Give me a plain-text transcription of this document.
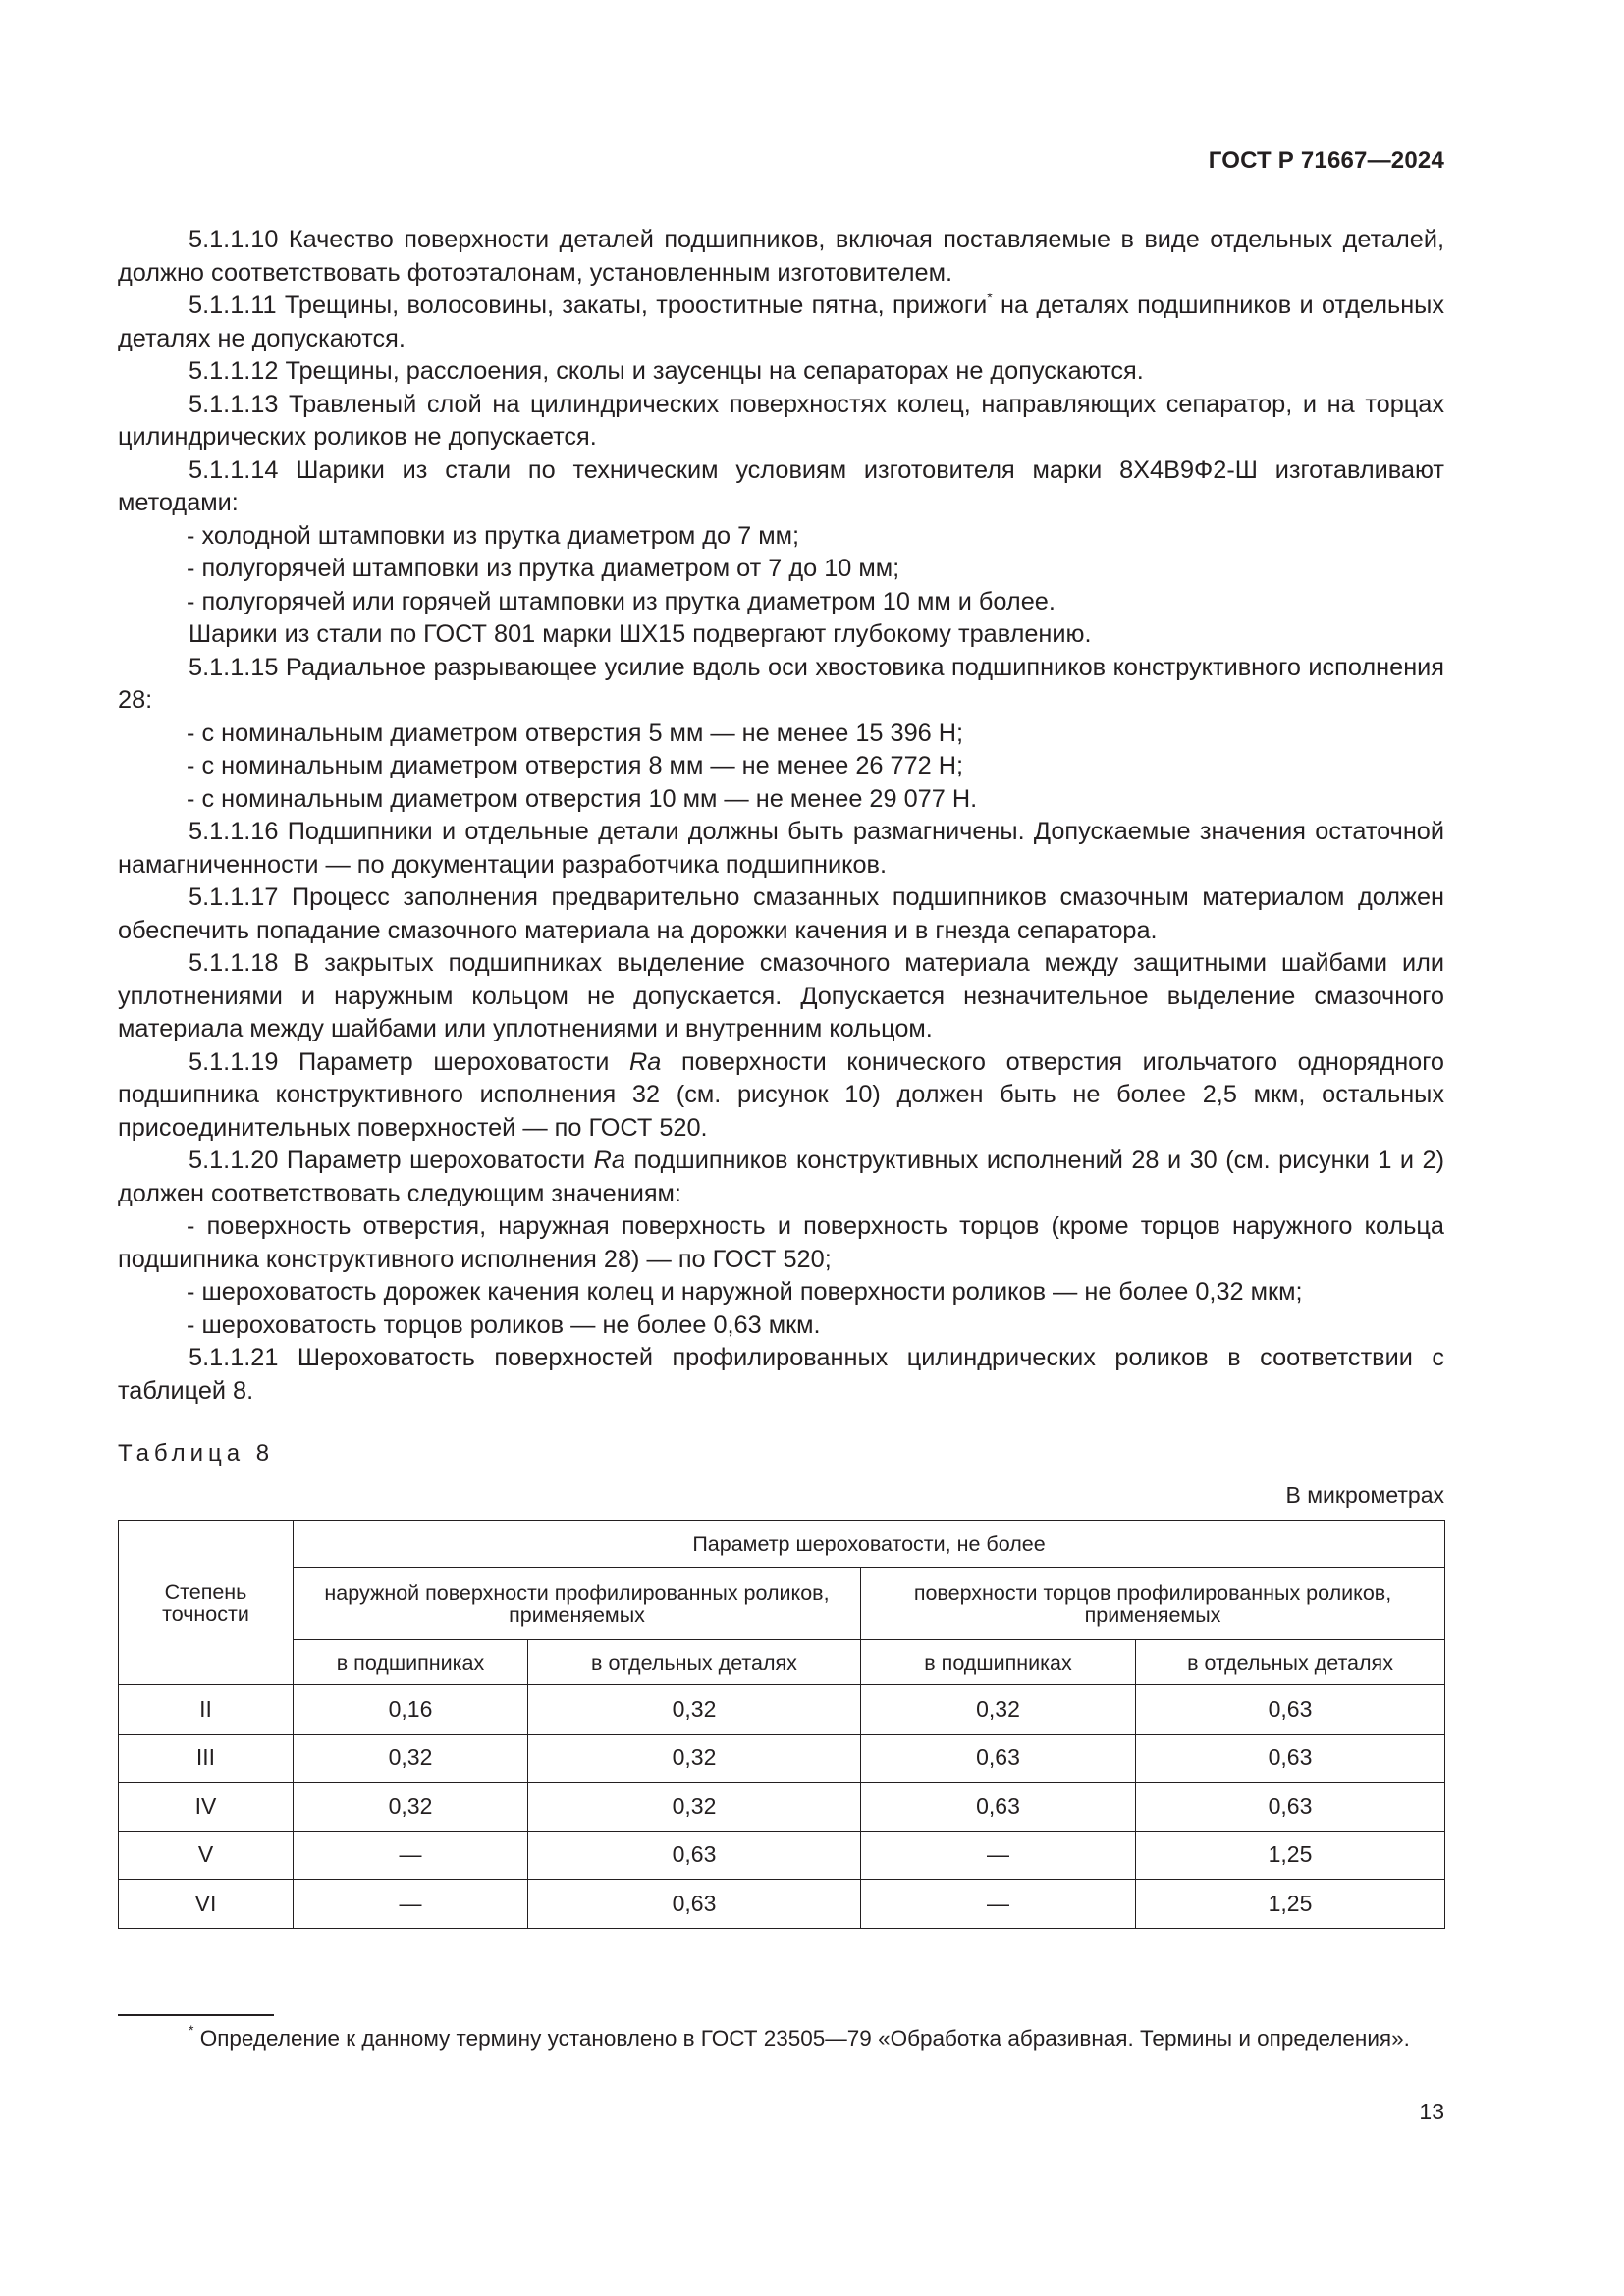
ГОСТ Р 71667—2024

5.1.1.10 Качество поверхности деталей подшипников, включая поставляемые в виде отдельных деталей, должно соответствовать фотоэталонам, установленным изготовителем.

5.1.1.11 Трещины, волосовины, закаты, трооститные пятна, прижоги* на деталях подшипников и отдельных деталях не допускаются.

5.1.1.12 Трещины, расслоения, сколы и заусенцы на сепараторах не допускаются.

5.1.1.13 Травленый слой на цилиндрических поверхностях колец, направляющих сепаратор, и на торцах цилиндрических роликов не допускается.

5.1.1.14 Шарики из стали по техническим условиям изготовителя марки 8Х4В9Ф2-Ш изготавливают методами:

- холодной штамповки из прутка диаметром до 7 мм;

- полугорячей штамповки из прутка диаметром от 7 до 10 мм;

- полугорячей или горячей штамповки из прутка диаметром 10 мм и более.

Шарики из стали по ГОСТ 801 марки ШХ15 подвергают глубокому травлению.

5.1.1.15 Радиальное разрывающее усилие вдоль оси хвостовика подшипников конструктивного исполнения 28:

- с номинальным диаметром отверстия 5 мм — не менее 15 396 Н;

- с номинальным диаметром отверстия 8 мм — не менее 26 772 Н;

- с номинальным диаметром отверстия 10 мм — не менее 29 077 Н.

5.1.1.16 Подшипники и отдельные детали должны быть размагничены. Допускаемые значения остаточной намагниченности — по документации разработчика подшипников.

5.1.1.17 Процесс заполнения предварительно смазанных подшипников смазочным материалом должен обеспечить попадание смазочного материала на дорожки качения и в гнезда сепаратора.

5.1.1.18 В закрытых подшипниках выделение смазочного материала между защитными шайбами или уплотнениями и наружным кольцом не допускается. Допускается незначительное выделение смазочного материала между шайбами или уплотнениями и внутренним кольцом.

5.1.1.19 Параметр шероховатости Ra поверхности конического отверстия игольчатого однорядного подшипника конструктивного исполнения 32 (см. рисунок 10) должен быть не более 2,5 мкм, остальных присоединительных поверхностей — по ГОСТ 520.

5.1.1.20 Параметр шероховатости Ra подшипников конструктивных исполнений 28 и 30 (см. рисунки 1 и 2) должен соответствовать следующим значениям:

- поверхность отверстия, наружная поверхность и поверхность торцов (кроме торцов наружного кольца подшипника конструктивного исполнения 28) — по ГОСТ 520;

- шероховатость дорожек качения колец и наружной поверхности роликов — не более 0,32 мкм;

- шероховатость торцов роликов — не более 0,63 мкм.

5.1.1.21 Шероховатость поверхностей профилированных цилиндрических роликов в соответствии с таблицей 8.

Таблица 8
В микрометрах
Степень точности	Параметр шероховатости, не более			
	наружной поверхности профилированных роликов, применяемых		поверхности торцов профилированных роликов, применяемых	
	в подшипниках	в отдельных деталях	в подшипниках	в отдельных деталях
II	0,16	0,32	0,32	0,63
III	0,32	0,32	0,63	0,63
IV	0,32	0,32	0,63	0,63
V	—	0,63	—	1,25
VI	—	0,63	—	1,25
* Определение к данному термину установлено в ГОСТ 23505—79 «Обработка абразивная. Термины и определения».
13
